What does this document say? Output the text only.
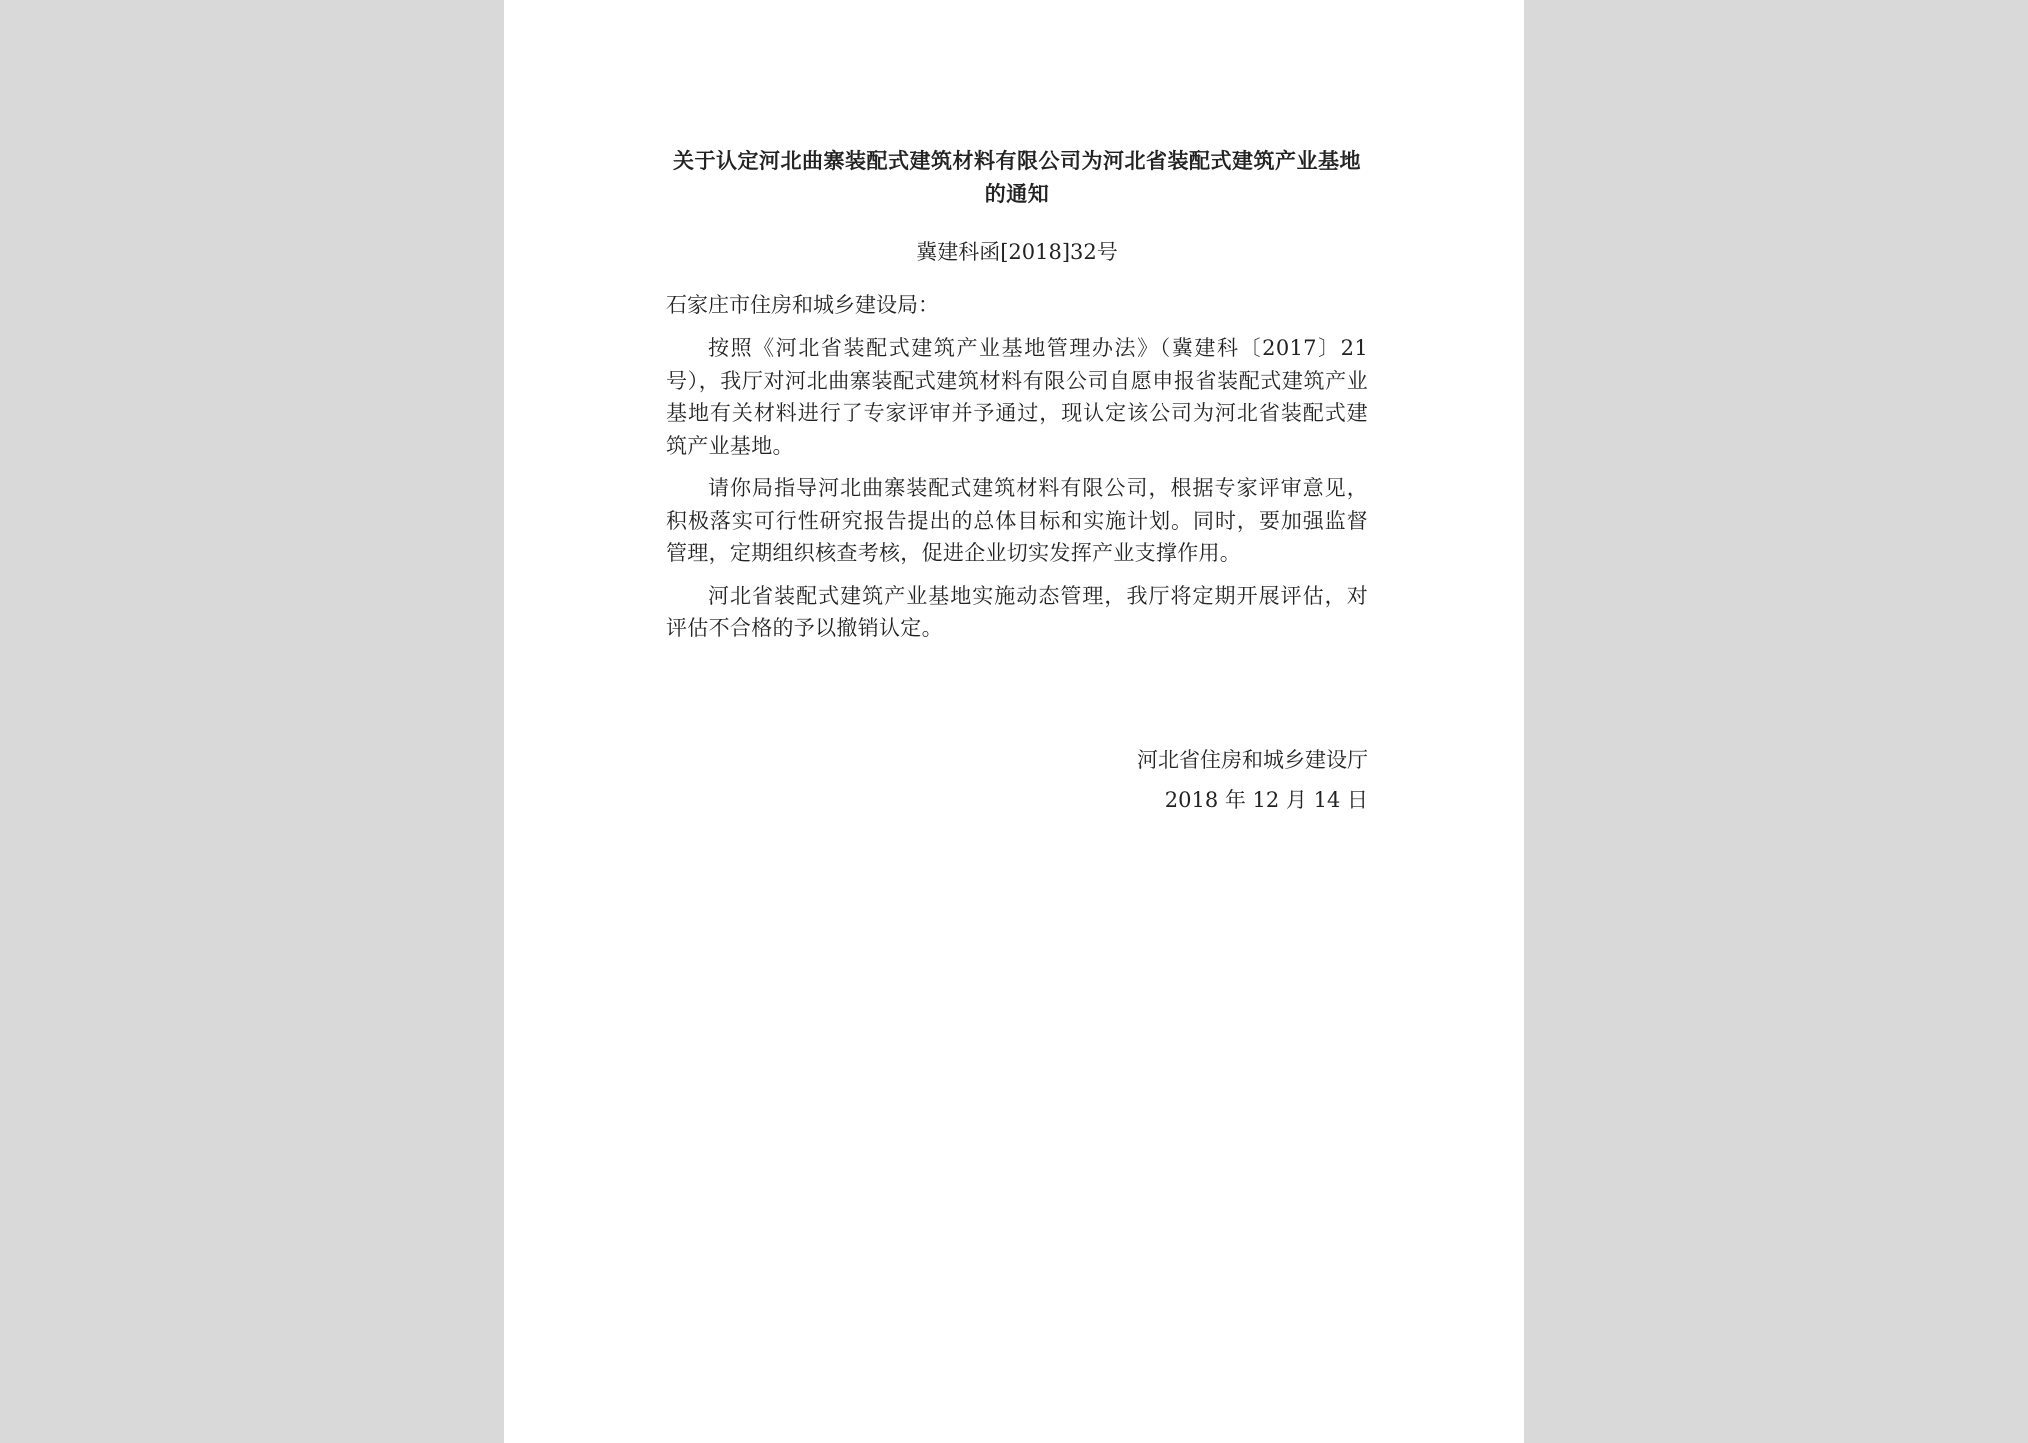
关于认定河北曲寨装配式建筑材料有限公司为河北省装配式建筑产业基地的通知

冀建科函[2018]32号

石家庄市住房和城乡建设局：

按照《河北省装配式建筑产业基地管理办法》（冀建科〔2017〕21 号），我厅对河北曲寨装配式建筑材料有限公司自愿申报省装配式建筑产业基地有关材料进行了专家评审并予通过，现认定该公司为河北省装配式建筑产业基地。

请你局指导河北曲寨装配式建筑材料有限公司，根据专家评审意见，积极落实可行性研究报告提出的总体目标和实施计划。同时，要加强监督管理，定期组织核查考核，促进企业切实发挥产业支撑作用。

河北省装配式建筑产业基地实施动态管理，我厅将定期开展评估，对评估不合格的予以撤销认定。

河北省住房和城乡建设厅
2018 年 12 月 14 日
